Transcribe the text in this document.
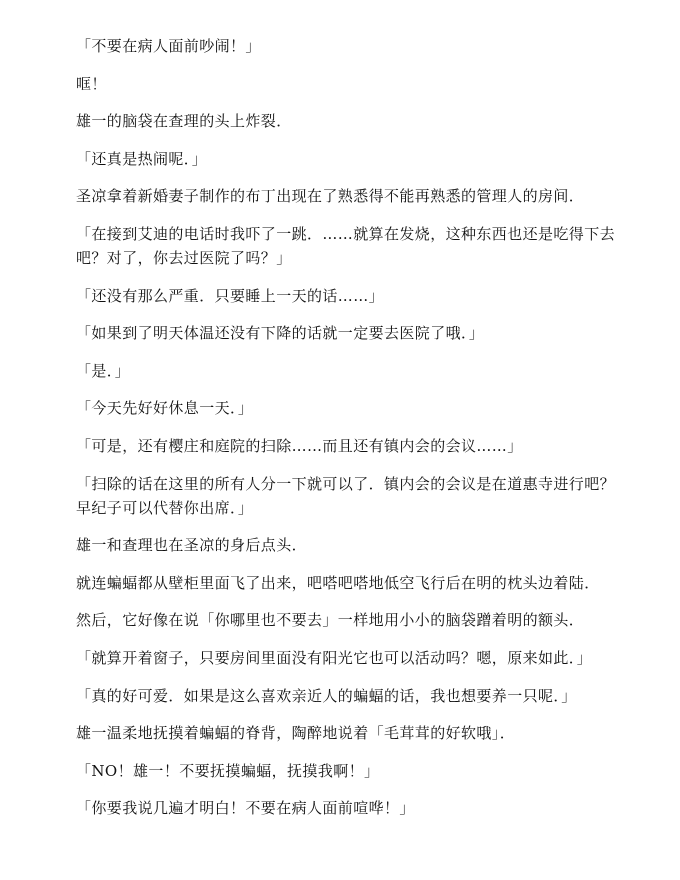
「不要在病人面前吵闹！」

哐！

雄一的脑袋在查理的头上炸裂．

「还真是热闹呢．」

圣凉拿着新婚妻子制作的布丁出现在了熟悉得不能再熟悉的管理人的房间．

「在接到艾迪的电话时我吓了一跳．……就算在发烧，这种东西也还是吃得下去吧？对了，你去过医院了吗？」

「还没有那么严重．只要睡上一天的话……」

「如果到了明天体温还没有下降的话就一定要去医院了哦．」

「是．」

「今天先好好休息一天．」

「可是，还有樱庄和庭院的扫除……而且还有镇内会的会议……」

「扫除的话在这里的所有人分一下就可以了．镇内会的会议是在道惠寺进行吧？早纪子可以代替你出席．」

雄一和查理也在圣凉的身后点头．

就连蝙蝠都从壁柜里面飞了出来，吧嗒吧嗒地低空飞行后在明的枕头边着陆．

然后，它好像在说「你哪里也不要去」一样地用小小的脑袋蹭着明的额头．

「就算开着窗子，只要房间里面没有阳光它也可以活动吗？嗯，原来如此．」

「真的好可爱．如果是这么喜欢亲近人的蝙蝠的话，我也想要养一只呢．」

雄一温柔地抚摸着蝙蝠的脊背，陶醉地说着「毛茸茸的好软哦」．

「NO！雄一！不要抚摸蝙蝠，抚摸我啊！」

「你要我说几遍才明白！不要在病人面前喧哗！」
